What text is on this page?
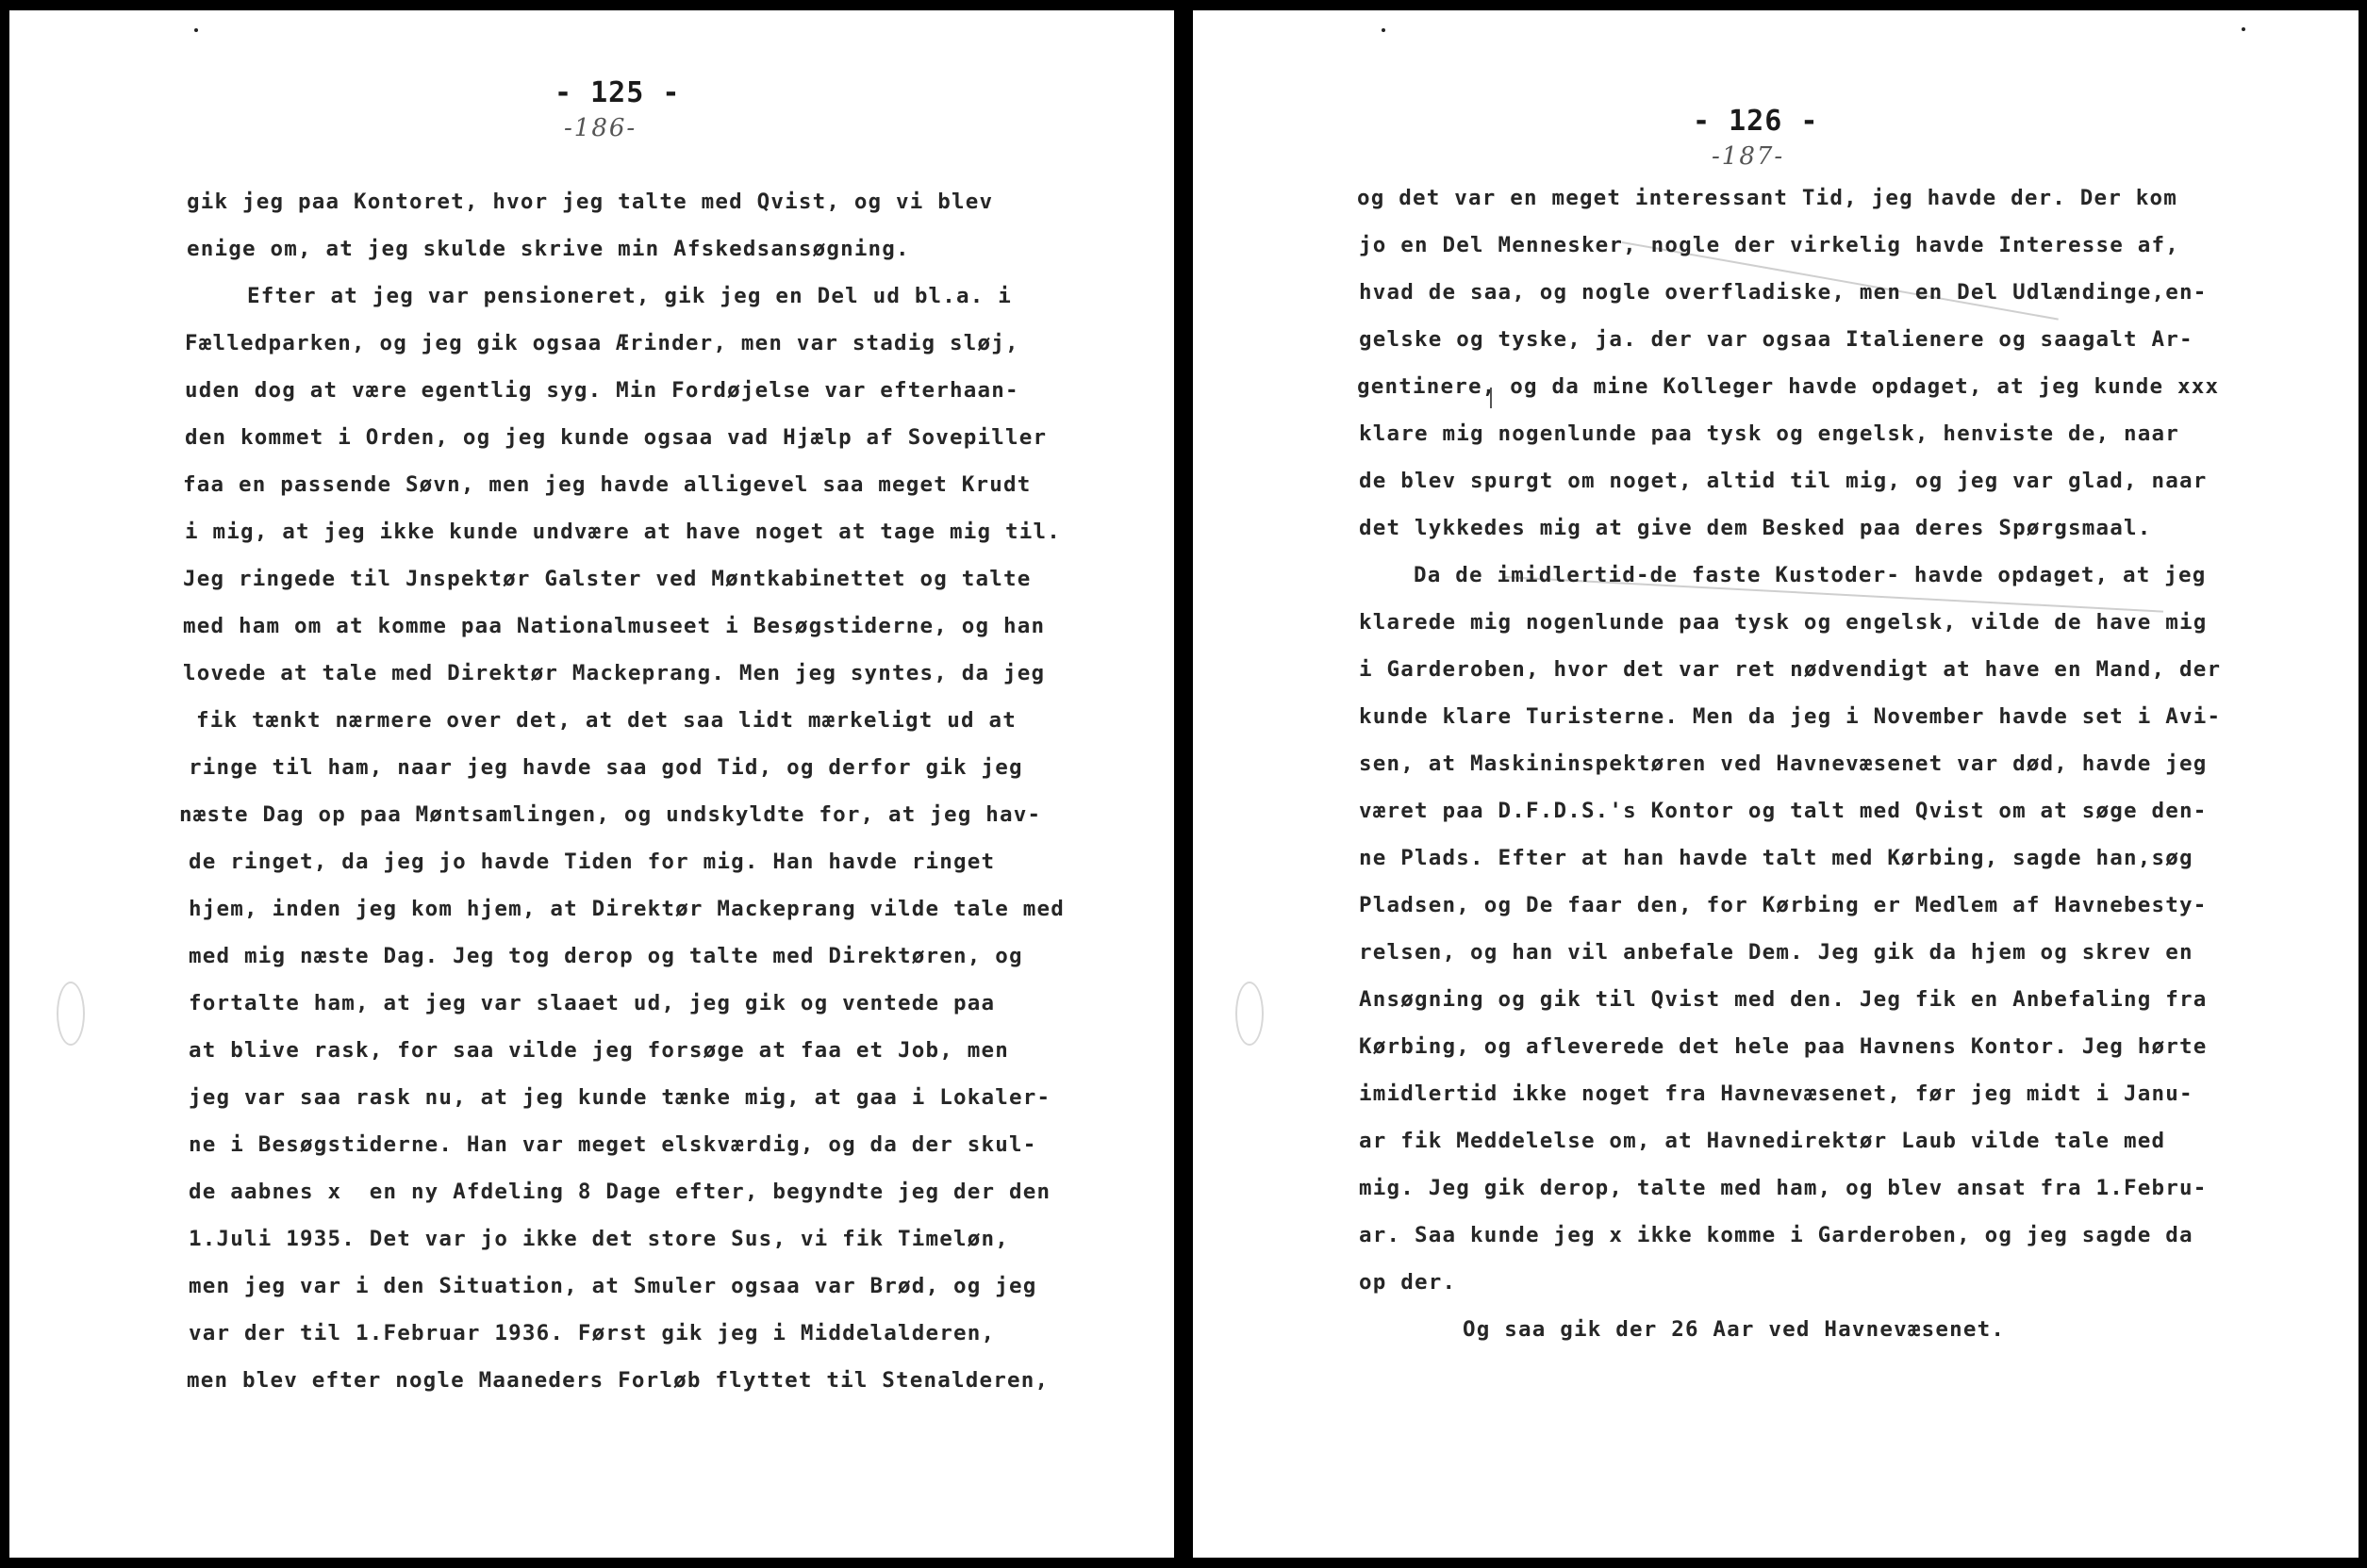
- 125 -
-186-
gik jeg paa Kontoret, hvor jeg talte med Qvist, og vi blev
enige om, at jeg skulde skrive min Afskedsansøgning.
Efter at jeg var pensioneret, gik jeg en Del ud bl.a. i
Fælledparken, og jeg gik ogsaa Ærinder, men var stadig sløj,
uden dog at være egentlig syg. Min Fordøjelse var efterhaan-
den kommet i Orden, og jeg kunde ogsaa vad Hjælp af Sovepiller
faa en passende Søvn, men jeg havde alligevel saa meget Krudt
i mig, at jeg ikke kunde undvære at have noget at tage mig til.
Jeg ringede til Jnspektør Galster ved Møntkabinettet og talte
med ham om at komme paa Nationalmuseet i Besøgstiderne, og han
lovede at tale med Direktør Mackeprang. Men jeg syntes, da jeg
fik tænkt nærmere over det, at det saa lidt mærkeligt ud at
ringe til ham, naar jeg havde saa god Tid, og derfor gik jeg
næste Dag op paa Møntsamlingen, og undskyldte for, at jeg hav-
de ringet, da jeg jo havde Tiden for mig. Han havde ringet
hjem, inden jeg kom hjem, at Direktør Mackeprang vilde tale med
med mig næste Dag. Jeg tog derop og talte med Direktøren, og
fortalte ham, at jeg var slaaet ud, jeg gik og ventede paa
at blive rask, for saa vilde jeg forsøge at faa et Job, men
jeg var saa rask nu, at jeg kunde tænke mig, at gaa i Lokaler-
ne i Besøgstiderne. Han var meget elskværdig, og da der skul-
de aabnes x  en ny Afdeling 8 Dage efter, begyndte jeg der den
1.Juli 1935. Det var jo ikke det store Sus, vi fik Timeløn,
men jeg var i den Situation, at Smuler ogsaa var Brød, og jeg
var der til 1.Februar 1936. Først gik jeg i Middelalderen,
men blev efter nogle Maaneders Forløb flyttet til Stenalderen,
- 126 -
-187-
og det var en meget interessant Tid, jeg havde der. Der kom
jo en Del Mennesker, nogle der virkelig havde Interesse af,
hvad de saa, og nogle overfladiske, men en Del Udlændinge,en-
gelske og tyske, ja. der var ogsaa Italienere og saagalt Ar-
gentinere, og da mine Kolleger havde opdaget, at jeg kunde xxx
klare mig nogenlunde paa tysk og engelsk, henviste de, naar
de blev spurgt om noget, altid til mig, og jeg var glad, naar
det lykkedes mig at give dem Besked paa deres Spørgsmaal.
Da de imidlertid-de faste Kustoder- havde opdaget, at jeg
klarede mig nogenlunde paa tysk og engelsk, vilde de have mig
i Garderoben, hvor det var ret nødvendigt at have en Mand, der
kunde klare Turisterne. Men da jeg i November havde set i Avi-
sen, at Maskininspektøren ved Havnevæsenet var død, havde jeg
været paa D.F.D.S.'s Kontor og talt med Qvist om at søge den-
ne Plads. Efter at han havde talt med Kørbing, sagde han,søg
Pladsen, og De faar den, for Kørbing er Medlem af Havnebesty-
relsen, og han vil anbefale Dem. Jeg gik da hjem og skrev en
Ansøgning og gik til Qvist med den. Jeg fik en Anbefaling fra
Kørbing, og afleverede det hele paa Havnens Kontor. Jeg hørte
imidlertid ikke noget fra Havnevæsenet, før jeg midt i Janu-
ar fik Meddelelse om, at Havnedirektør Laub vilde tale med
mig. Jeg gik derop, talte med ham, og blev ansat fra 1.Febru-
ar. Saa kunde jeg x ikke komme i Garderoben, og jeg sagde da
op der.
Og saa gik der 26 Aar ved Havnevæsenet.
